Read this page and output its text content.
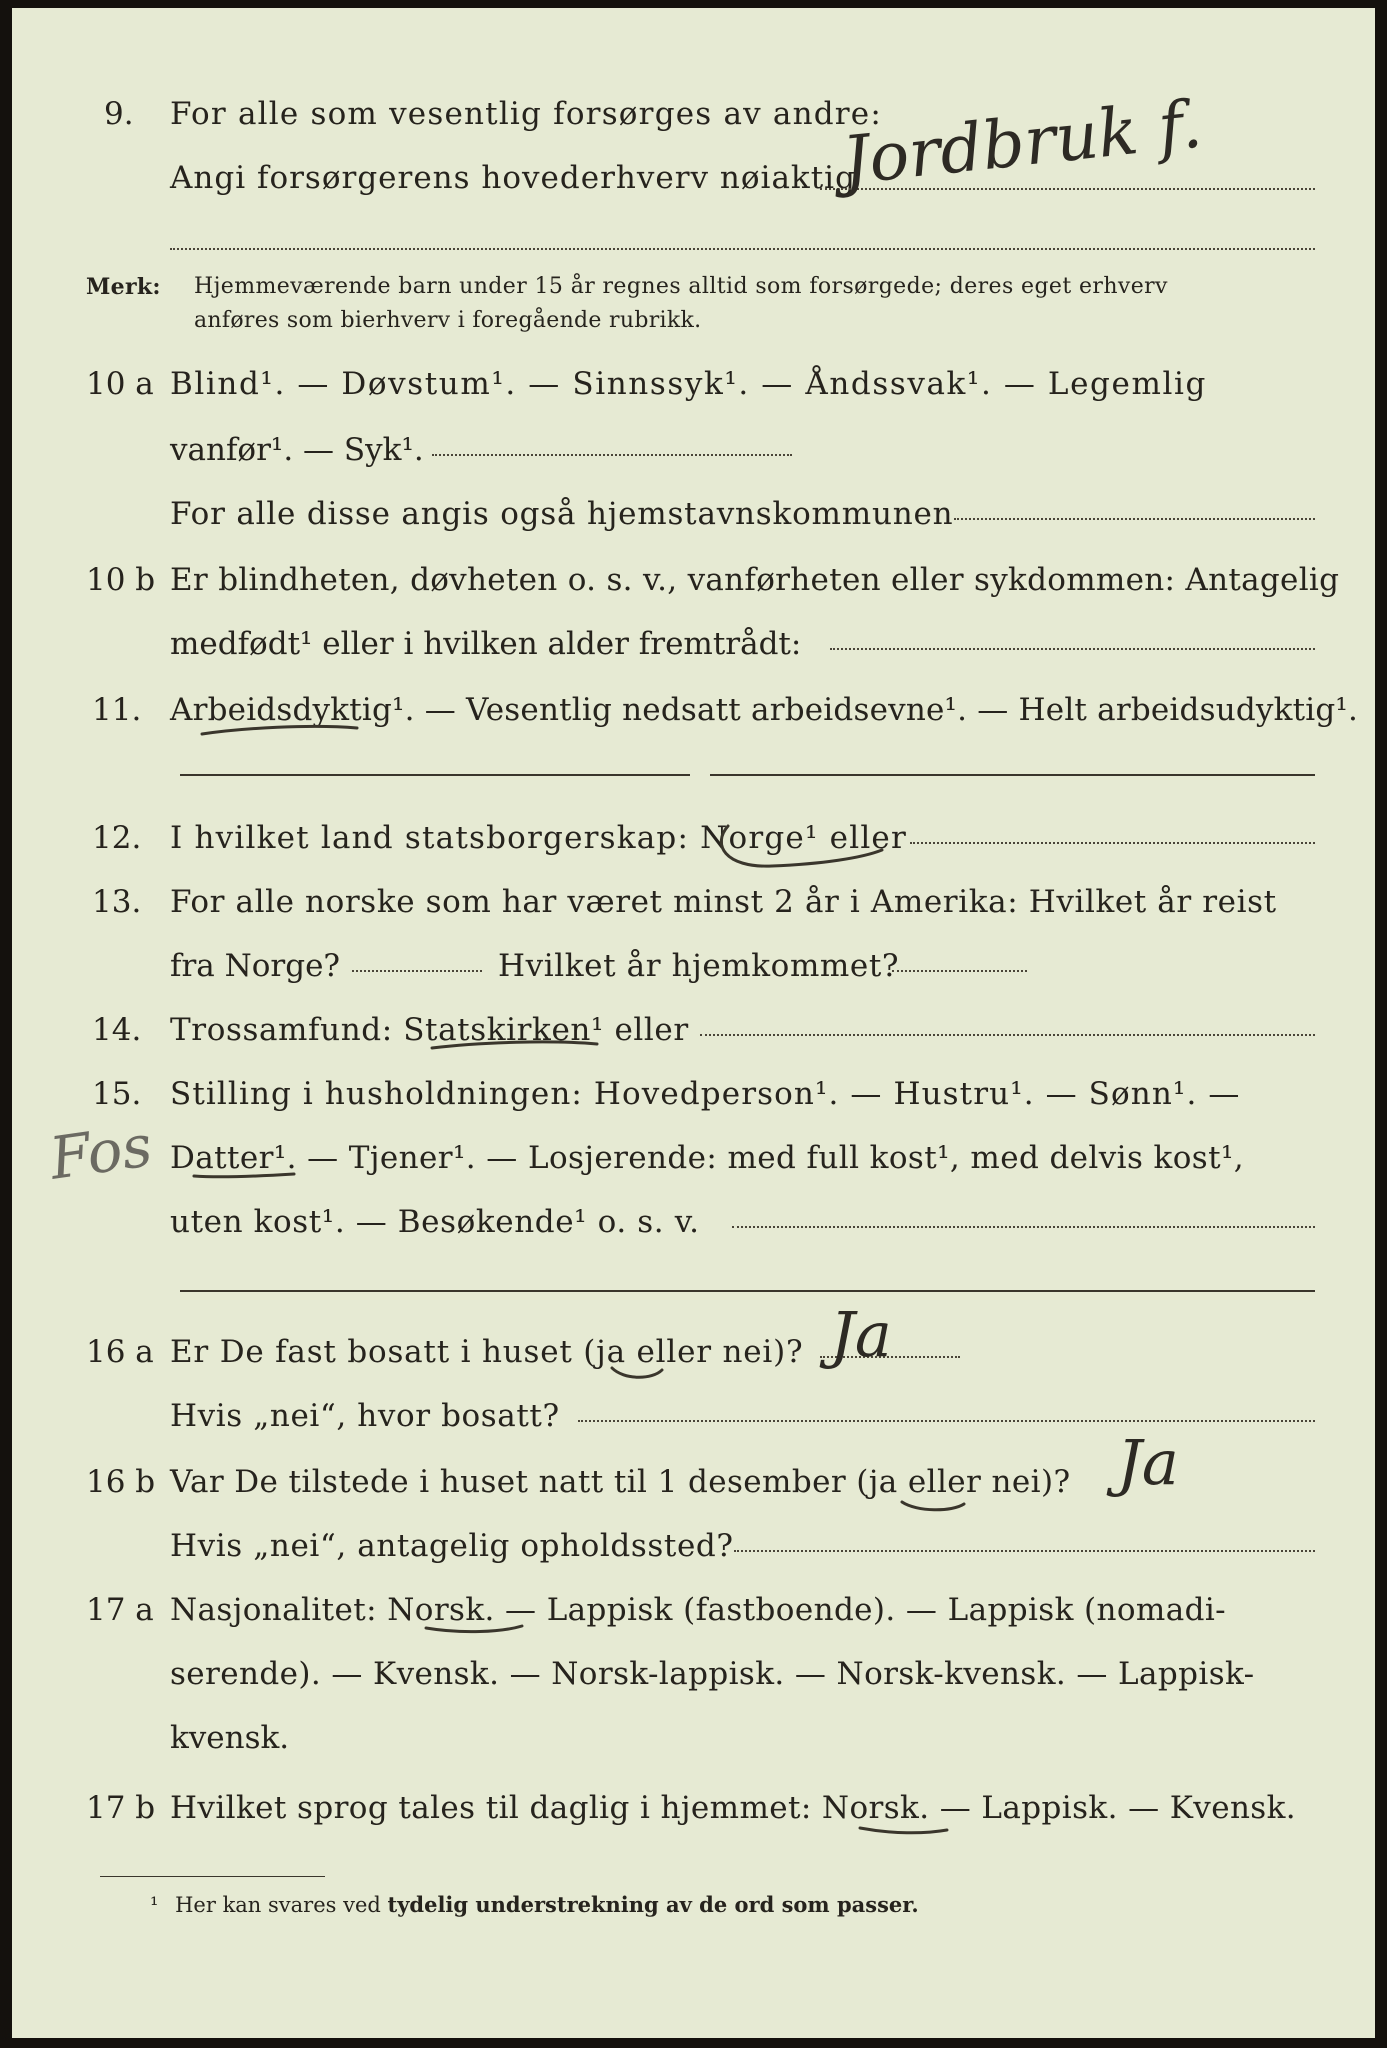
9. For alle som vesentlig forsørges av andre:
Angi forsørgerens hovederhverv nøiaktig
Jordbruk f.
Merk: Hjemmeværende barn under 15 år regnes alltid som forsørgede; deres eget erhverv
anføres som bierhverv i foregående rubrikk.
10 a Blind¹. — Døvstum¹. — Sinnssyk¹. — Åndssvak¹. — Legemlig
vanfør¹. — Syk¹.
For alle disse angis også hjemstavnskommunen
10 b Er blindheten, døvheten o. s. v., vanførheten eller sykdommen: Antagelig
medfødt¹ eller i hvilken alder fremtrådt:
11. Arbeidsdyktig¹. — Vesentlig nedsatt arbeidsevne¹. — Helt arbeidsudyktig¹.
12. I hvilket land statsborgerskap: Norge¹ eller
13. For alle norske som har været minst 2 år i Amerika: Hvilket år reist
fra Norge?	Hvilket år hjemkommet?
14. Trossamfund: Statskirken¹ eller
15. Stilling i husholdningen: Hovedperson¹. — Hustru¹. — Sønn¹. —
Datter¹. — Tjener¹. — Losjerende: med full kost¹, med delvis kost¹,
uten kost¹. — Besøkende¹ o. s. v.
Fos
16 a Er De fast bosatt i huset (ja eller nei)? Ja
Hvis „nei“, hvor bosatt?
16 b Var De tilstede i huset natt til 1 desember (ja eller nei)? Ja
Hvis „nei“, antagelig opholdssted?
17 a Nasjonalitet: Norsk. — Lappisk (fastboende). — Lappisk (nomadi-
serende). — Kvensk. — Norsk-lappisk. — Norsk-kvensk. — Lappisk-
kvensk.
17 b Hvilket sprog tales til daglig i hjemmet: Norsk. — Lappisk. — Kvensk.
¹ Her kan svares ved tydelig understrekning av de ord som passer.
